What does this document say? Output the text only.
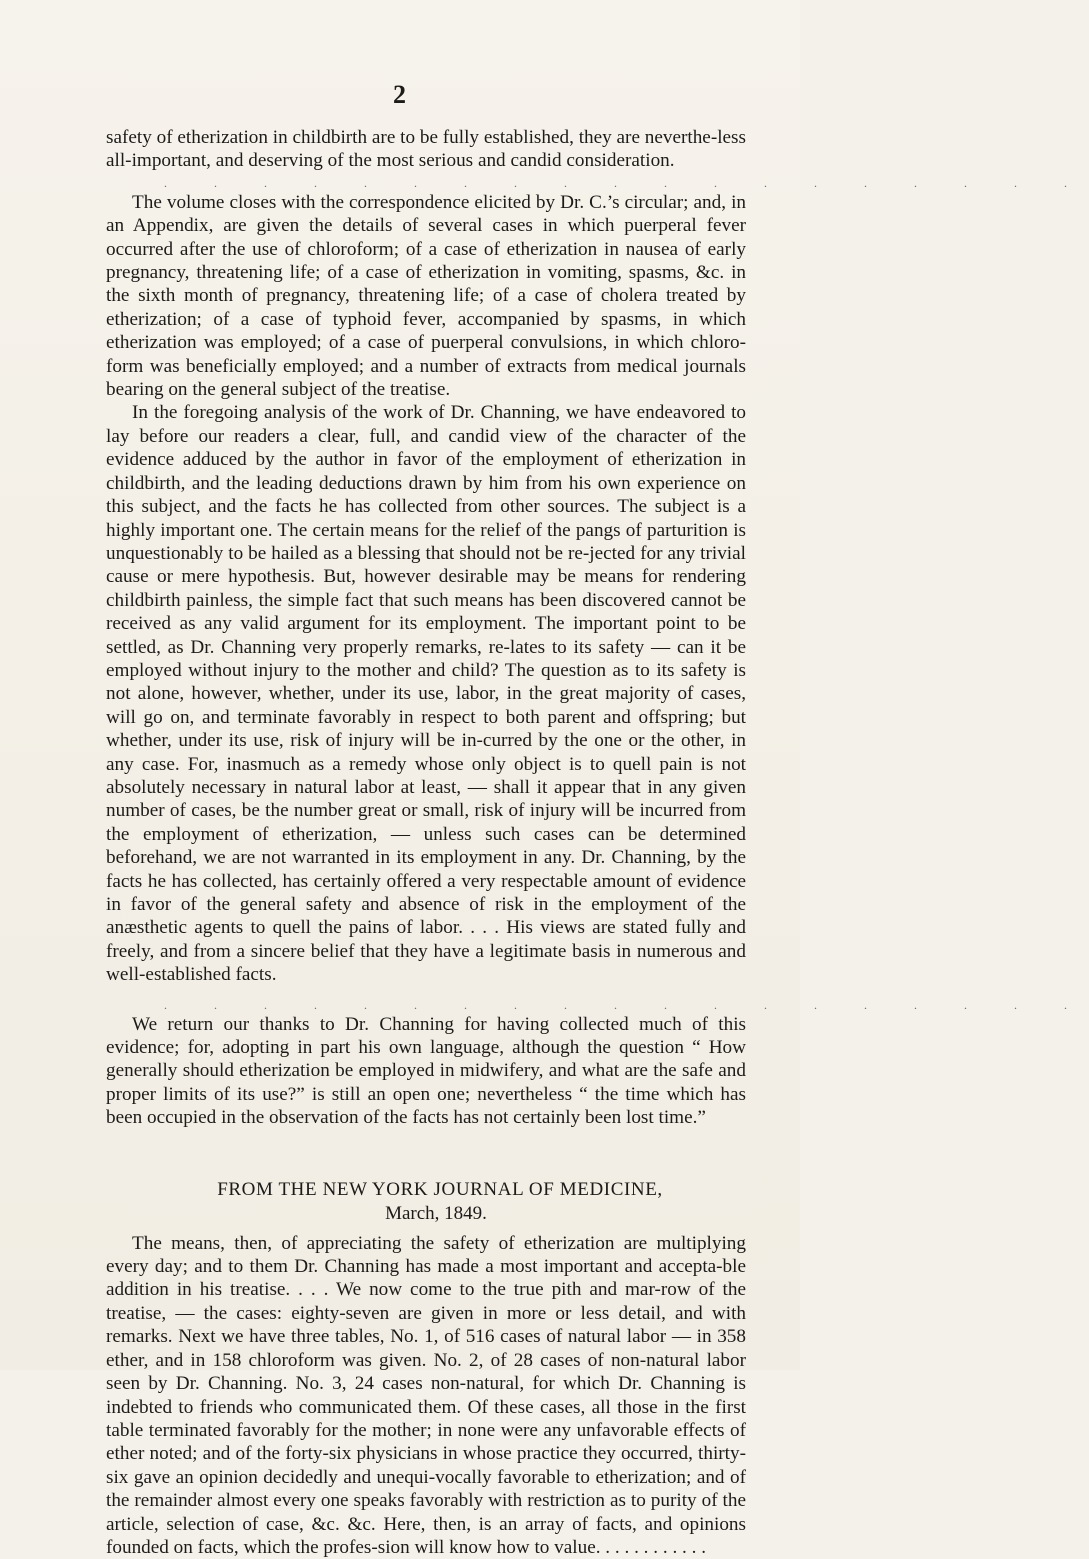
2

safety of etherization in childbirth are to be fully established, they are neverthe-less all-important, and deserving of the most serious and candid consideration.

. . . . . . . . . . . . . . . . . . .

The volume closes with the correspondence elicited by Dr. C.’s circular; and, in an Appendix, are given the details of several cases in which puerperal fever occurred after the use of chloroform; of a case of etherization in nausea of early pregnancy, threatening life; of a case of etherization in vomiting, spasms, &c. in the sixth month of pregnancy, threatening life; of a case of cholera treated by etherization; of a case of typhoid fever, accompanied by spasms, in which etherization was employed; of a case of puerperal convulsions, in which chloro-form was beneficially employed; and a number of extracts from medical journals bearing on the general subject of the treatise.

In the foregoing analysis of the work of Dr. Channing, we have endeavored to lay before our readers a clear, full, and candid view of the character of the evidence adduced by the author in favor of the employment of etherization in childbirth, and the leading deductions drawn by him from his own experience on this subject, and the facts he has collected from other sources. The subject is a highly important one. The certain means for the relief of the pangs of parturition is unquestionably to be hailed as a blessing that should not be re-jected for any trivial cause or mere hypothesis. But, however desirable may be means for rendering childbirth painless, the simple fact that such means has been discovered cannot be received as any valid argument for its employment. The important point to be settled, as Dr. Channing very properly remarks, re-lates to its safety — can it be employed without injury to the mother and child? The question as to its safety is not alone, however, whether, under its use, labor, in the great majority of cases, will go on, and terminate favorably in respect to both parent and offspring; but whether, under its use, risk of injury will be in-curred by the one or the other, in any case. For, inasmuch as a remedy whose only object is to quell pain is not absolutely necessary in natural labor at least, — shall it appear that in any given number of cases, be the number great or small, risk of injury will be incurred from the employment of etherization, — unless such cases can be determined beforehand, we are not warranted in its employment in any. Dr. Channing, by the facts he has collected, has certainly offered a very respectable amount of evidence in favor of the general safety and absence of risk in the employment of the anæsthetic agents to quell the pains of labor. . . . His views are stated fully and freely, and from a sincere belief that they have a legitimate basis in numerous and well-established facts.

. . . . . . . . . . . . . . . . . . .

We return our thanks to Dr. Channing for having collected much of this evidence; for, adopting in part his own language, although the question “ How generally should etherization be employed in midwifery, and what are the safe and proper limits of its use?” is still an open one; nevertheless “ the time which has been occupied in the observation of the facts has not certainly been lost time.”

FROM THE NEW YORK JOURNAL OF MEDICINE,

March, 1849.

The means, then, of appreciating the safety of etherization are multiplying every day; and to them Dr. Channing has made a most important and accepta-ble addition in his treatise. . . . We now come to the true pith and mar-row of the treatise, — the cases: eighty-seven are given in more or less detail, and with remarks. Next we have three tables, No. 1, of 516 cases of natural labor — in 358 ether, and in 158 chloroform was given. No. 2, of 28 cases of non-natural labor seen by Dr. Channing. No. 3, 24 cases non-natural, for which Dr. Channing is indebted to friends who communicated them. Of these cases, all those in the first table terminated favorably for the mother; in none were any unfavorable effects of ether noted; and of the forty-six physicians in whose practice they occurred, thirty-six gave an opinion decidedly and unequi-vocally favorable to etherization; and of the remainder almost every one speaks favorably with restriction as to purity of the article, selection of case, &c. &c. Here, then, is an array of facts, and opinions founded on facts, which the profes-sion will know how to value. . . . . . . . . . . .
